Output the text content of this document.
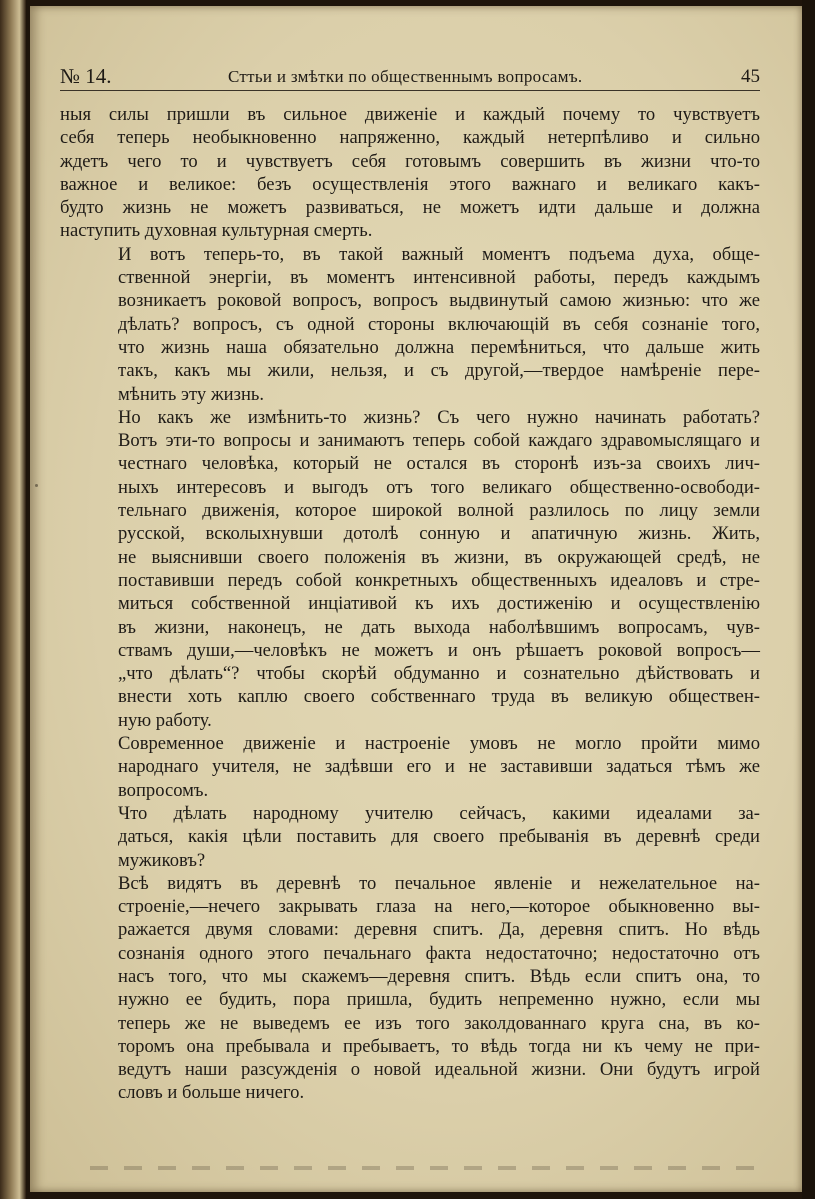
№ 14.	Сттьи и змѣтки по общественнымъ вопросамъ.	45
ныя силы пришли въ сильное движеніе и каждый почему то чувствуетъ
себя теперь необыкновенно напряженно, каждый нетерпѣливо и сильно
ждетъ чего то и чувствуетъ себя готовымъ совершить въ жизни что-то
важное и великое: безъ осуществленія этого важнаго и великаго какъ-
будто жизнь не можетъ развиваться, не можетъ идти дальше и должна
наступить духовная культурная смерть.
И вотъ теперь-то, въ такой важный моментъ подъема духа, обще-
ственной энергіи, въ моментъ интенсивной работы, передъ каждымъ
возникаетъ роковой вопросъ, вопросъ выдвинутый самою жизнью: что же
дѣлать? вопросъ, съ одной стороны включающій въ себя сознаніе того,
что жизнь наша обязательно должна перемѣниться, что дальше жить
такъ, какъ мы жили, нельзя, и съ другой,—твердое намѣреніе пере-
мѣнить эту жизнь.
Но какъ же измѣнить-то жизнь? Съ чего нужно начинать работать?
Вотъ эти-то вопросы и занимаютъ теперь собой каждаго здравомыслящаго и
честнаго человѣка, который не остался въ сторонѣ изъ-за своихъ лич-
ныхъ интересовъ и выгодъ отъ того великаго общественно-освободи-
тельнаго движенія, которое широкой волной разлилось по лицу земли
русской, всколыхнувши дотолѣ сонную и апатичную жизнь. Жить,
не выяснивши своего положенія въ жизни, въ окружающей средѣ, не
поставивши передъ собой конкретныхъ общественныхъ идеаловъ и стре-
миться собственной инціативой къ ихъ достиженію и осуществленію
въ жизни, наконецъ, не дать выхода наболѣвшимъ вопросамъ, чув-
ствамъ души,—человѣкъ не можетъ и онъ рѣшаетъ роковой вопросъ—
„что дѣлать“? чтобы скорѣй обдуманно и сознательно дѣйствовать и
внести хоть каплю своего собственнаго труда въ великую обществен-
ную работу.
Современное движеніе и настроеніе умовъ не могло пройти мимо
народнаго учителя, не задѣвши его и не заставивши задаться тѣмъ же
вопросомъ.
Что дѣлать народному учителю сейчасъ, какими идеалами за-
даться, какія цѣли поставить для своего пребыванія въ деревнѣ среди
мужиковъ?
Всѣ видятъ въ деревнѣ то печальное явленіе и нежелательное на-
строеніе,—нечего закрывать глаза на него,—которое обыкновенно вы-
ражается двумя словами: деревня спитъ. Да, деревня спитъ. Но вѣдь
сознанія одного этого печальнаго факта недостаточно; недостаточно отъ
насъ того, что мы скажемъ—деревня спитъ. Вѣдь если спитъ она, то
нужно ее будить, пора пришла, будить непременно нужно, если мы
теперь же не выведемъ ее изъ того заколдованнаго круга сна, въ ко-
торомъ она пребывала и пребываетъ, то вѣдь тогда ни къ чему не при-
ведутъ наши разсужденія о новой идеальной жизни. Они будутъ игрой
словъ и больше ничего.
